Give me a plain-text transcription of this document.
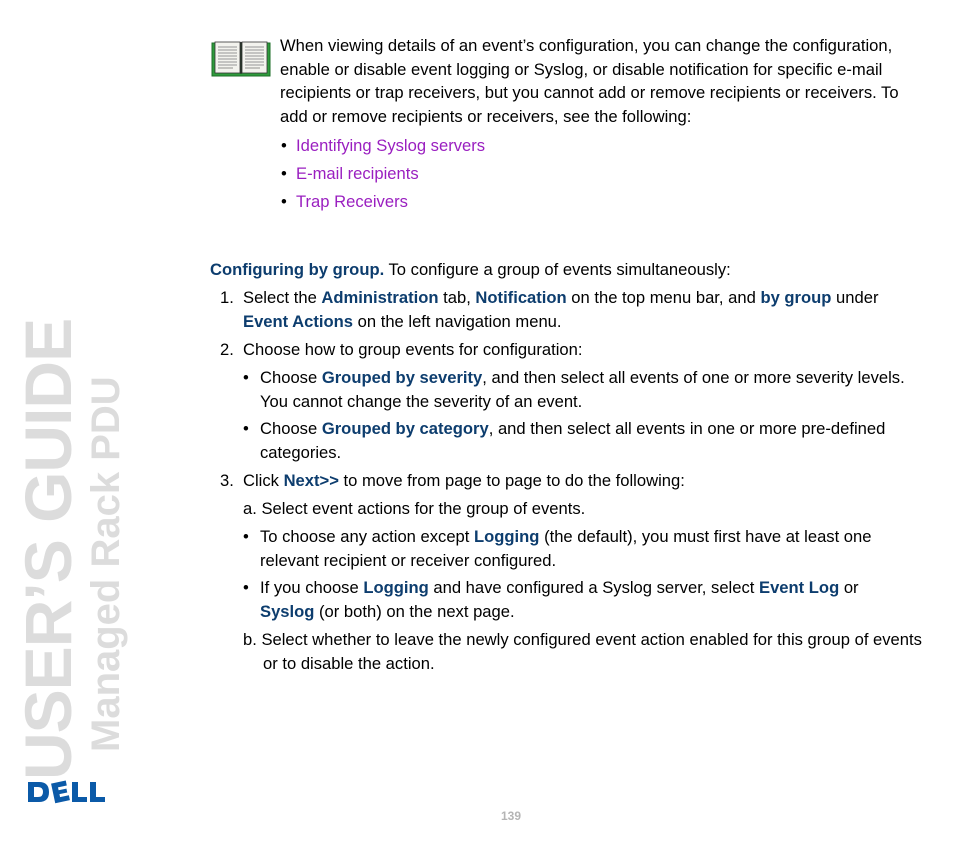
USER’S GUIDE Managed Rack PDU

When viewing details of an event’s configuration, you can change the configuration, enable or disable event logging or Syslog, or disable notification for specific e-mail recipients or trap receivers, but you cannot add or remove recipients or receivers. To add or remove recipients or receivers, see the following:

• Identifying Syslog servers
• E-mail recipients
• Trap Receivers
Configuring by group. To configure a group of events simultaneously:
1. Select the Administration tab, Notification on the top menu bar, and by group under Event Actions on the left navigation menu.
2. Choose how to group events for configuration:
• Choose Grouped by severity, and then select all events of one or more severity levels. You cannot change the severity of an event.
• Choose Grouped by category, and then select all events in one or more pre-defined categories.
3. Click Next>> to move from page to page to do the following:
a. Select event actions for the group of events.
• To choose any action except Logging (the default), you must first have at least one relevant recipient or receiver configured.
• If you choose Logging and have configured a Syslog server, select Event Log or Syslog (or both) on the next page.
b. Select whether to leave the newly configured event action enabled for this group of events or to disable the action.
139
